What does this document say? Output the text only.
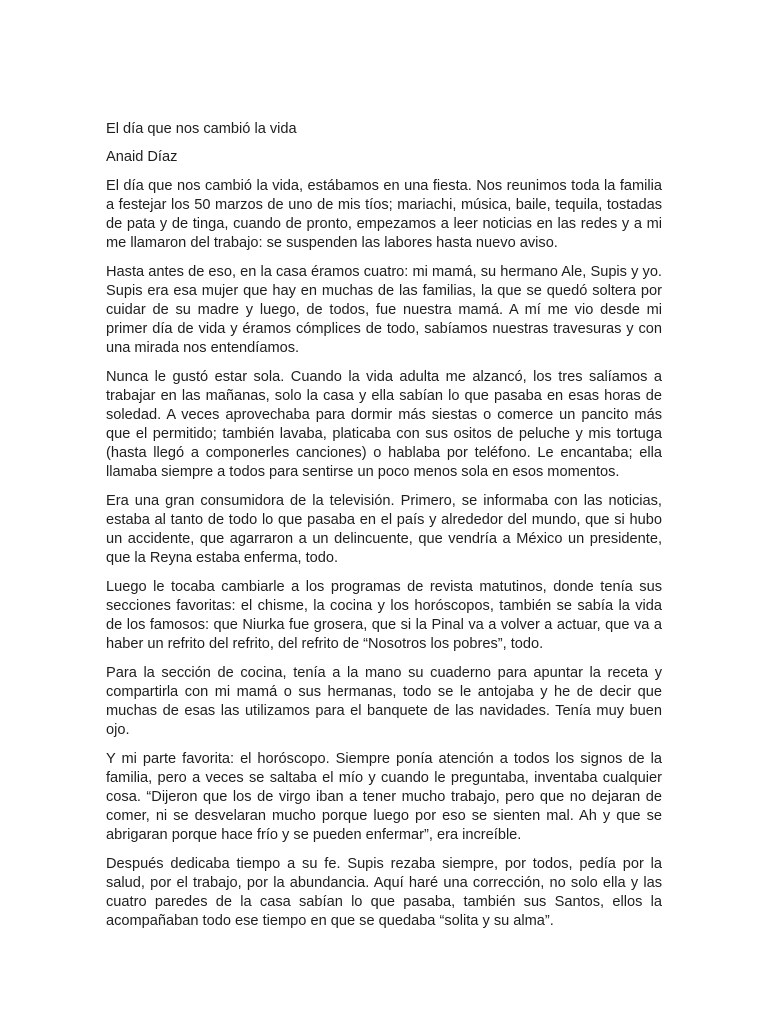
El día que nos cambió la vida

Anaid Díaz

El día que nos cambió la vida, estábamos en una fiesta. Nos reunimos toda la familia a festejar los 50 marzos de uno de mis tíos; mariachi, música, baile, tequila, tostadas de pata y de tinga, cuando de pronto, empezamos a leer noticias en las redes y a mi me llamaron del trabajo: se suspenden las labores hasta nuevo aviso.

Hasta antes de eso, en la casa éramos cuatro: mi mamá, su hermano Ale, Supis y yo. Supis era esa mujer que hay en muchas de las familias, la que se quedó soltera por cuidar de su madre y luego, de todos, fue nuestra mamá. A mí me vio desde mi primer día de vida y éramos cómplices de todo, sabíamos nuestras travesuras y con una mirada nos entendíamos.

Nunca le gustó estar sola. Cuando la vida adulta me alzancó, los tres salíamos a trabajar en las mañanas, solo la casa y ella sabían lo que pasaba en esas horas de soledad. A veces aprovechaba para dormir más siestas o comerce un pancito más que el permitido; también lavaba, platicaba con sus ositos de peluche y mis tortuga (hasta llegó a componerles canciones) o hablaba por teléfono. Le encantaba; ella llamaba siempre a todos para sentirse un poco menos sola en esos momentos.

Era una gran consumidora de la televisión. Primero, se informaba con las noticias, estaba al tanto de todo lo que pasaba en el país y alrededor del mundo, que si hubo un accidente, que agarraron a un delincuente, que vendría a México un presidente, que la Reyna estaba enferma, todo.

Luego le tocaba cambiarle a los programas de revista matutinos, donde tenía sus secciones favoritas: el chisme, la cocina y los horóscopos, también se sabía la vida de los famosos: que Niurka fue grosera, que si la Pinal va a volver a actuar, que va a haber un refrito del refrito, del refrito de “Nosotros los pobres”, todo.

Para la sección de cocina, tenía a la mano su cuaderno para apuntar la receta y compartirla con mi mamá o sus hermanas, todo se le antojaba y he de decir que muchas de esas las utilizamos para el banquete de las navidades. Tenía muy buen ojo.

Y mi parte favorita: el horóscopo. Siempre ponía atención a todos los signos de la familia, pero a veces se saltaba el mío y cuando le preguntaba, inventaba cualquier cosa. “Dijeron que los de virgo iban a tener mucho trabajo, pero que no dejaran de comer, ni se desvelaran mucho porque luego por eso se sienten mal. Ah y que se abrigaran porque hace frío y se pueden enfermar”, era increíble.

Después dedicaba tiempo a su fe. Supis rezaba siempre, por todos, pedía por la salud, por el trabajo, por la abundancia. Aquí haré una corrección, no solo ella y las cuatro paredes de la casa sabían lo que pasaba, también sus Santos, ellos la acompañaban todo ese tiempo en que se quedaba “solita y su alma”.
